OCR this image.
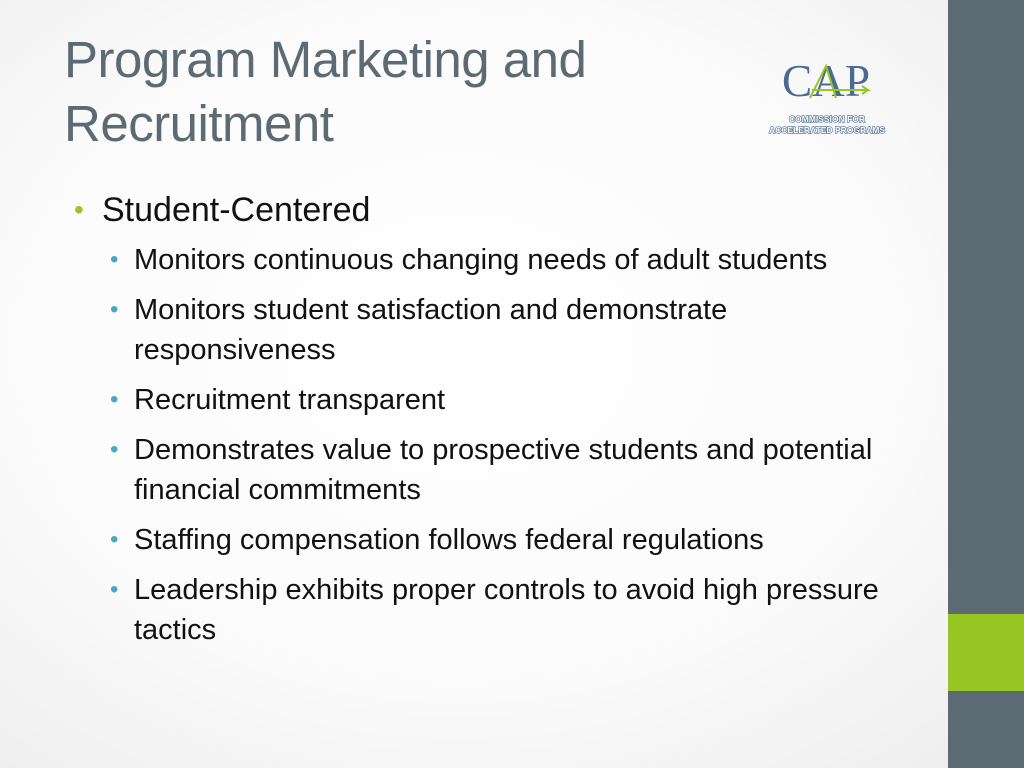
Program Marketing and Recruitment
CAP
COMMISSION FOR
ACCELERATED PROGRAMS
• Student-Centered
• Monitors continuous changing needs of adult students
• Monitors student satisfaction and demonstrate responsiveness
• Recruitment transparent
• Demonstrates value to prospective students and potential financial commitments
• Staffing compensation follows federal regulations
• Leadership exhibits proper controls to avoid high pressure tactics
